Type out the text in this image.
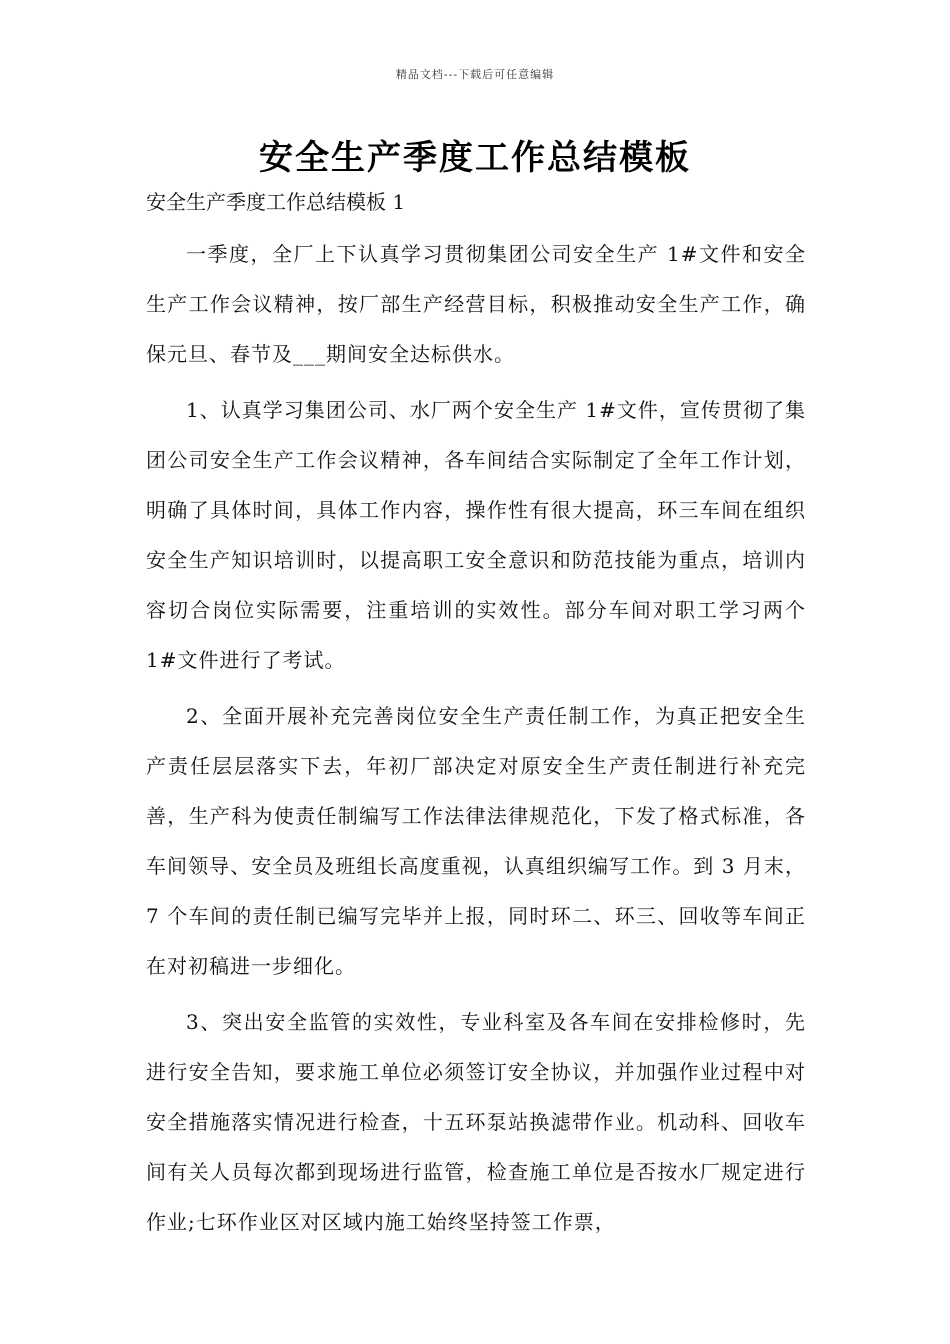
精品文档---下载后可任意编辑
安全生产季度工作总结模板

安全生产季度工作总结模板 1

一季度，全厂上下认真学习贯彻集团公司安全生产 1#文件和安全生产工作会议精神，按厂部生产经营目标，积极推动安全生产工作，确保元旦、春节及___期间安全达标供水。

1、认真学习集团公司、水厂两个安全生产 1#文件，宣传贯彻了集团公司安全生产工作会议精神，各车间结合实际制定了全年工作计划，明确了具体时间，具体工作内容，操作性有很大提高，环三车间在组织安全生产知识培训时，以提高职工安全意识和防范技能为重点，培训内容切合岗位实际需要，注重培训的实效性。部分车间对职工学习两个 1#文件进行了考试。

2、全面开展补充完善岗位安全生产责任制工作，为真正把安全生产责任层层落实下去，年初厂部决定对原安全生产责任制进行补充完善，生产科为使责任制编写工作法律法律规范化，下发了格式标准，各车间领导、安全员及班组长高度重视，认真组织编写工作。到 3 月末，7 个车间的责任制已编写完毕并上报，同时环二、环三、回收等车间正在对初稿进一步细化。

3、突出安全监管的实效性，专业科室及各车间在安排检修时，先进行安全告知，要求施工单位必须签订安全协议，并加强作业过程中对安全措施落实情况进行检查，十五环泵站换滤带作业。机动科、回收车间有关人员每次都到现场进行监管，检查施工单位是否按水厂规定进行作业;七环作业区对区域内施工始终坚持签工作票，
